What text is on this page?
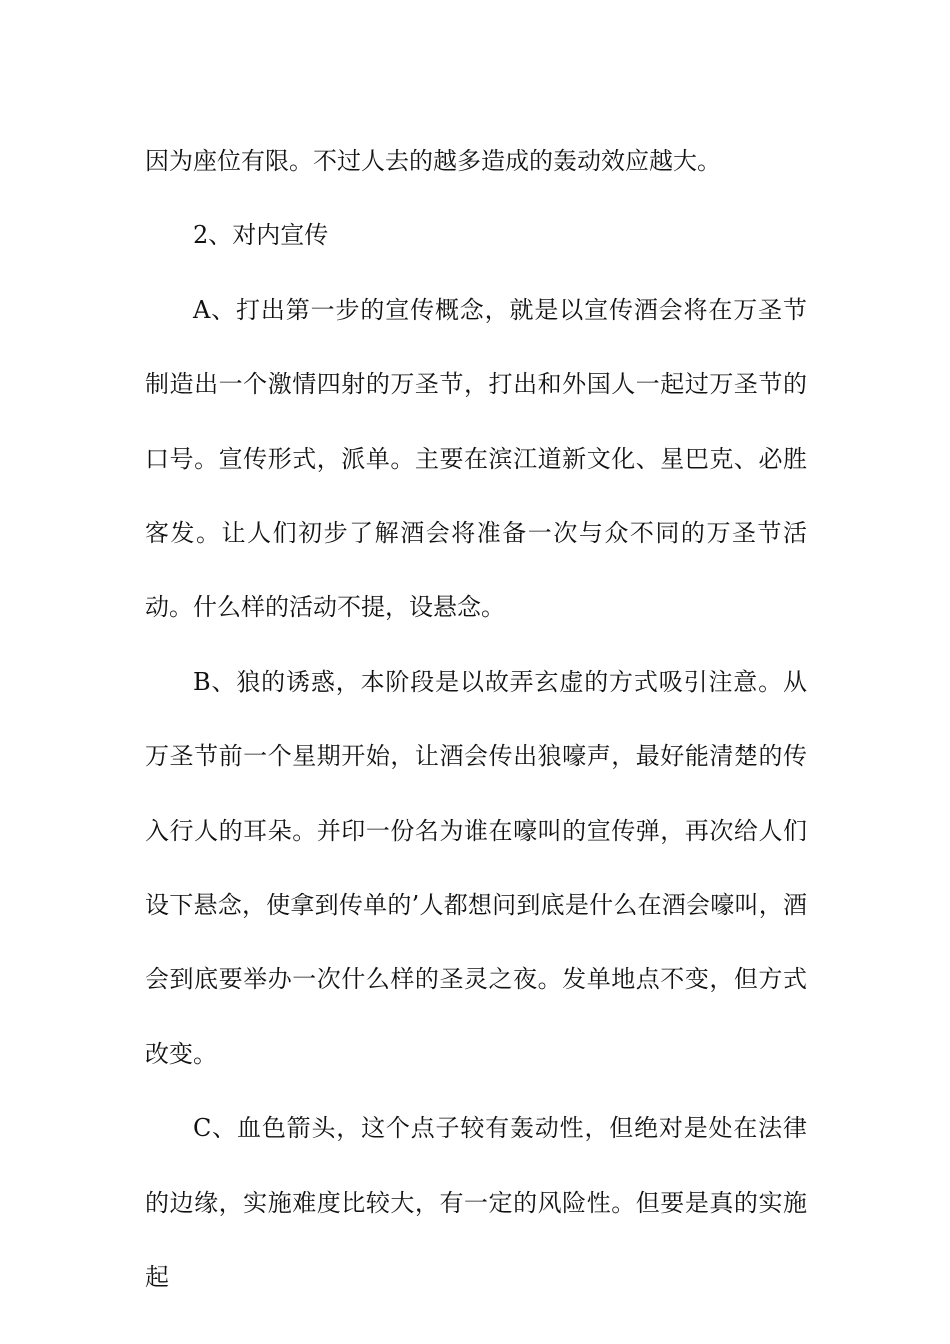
因为座位有限。不过人去的越多造成的轰动效应越大。

2、对内宣传

A、打出第一步的宣传概念，就是以宣传酒会将在万圣节制造出一个激情四射的万圣节，打出和外国人一起过万圣节的口号。宣传形式，派单。主要在滨江道新文化、星巴克、必胜客发。让人们初步了解酒会将准备一次与众不同的万圣节活动。什么样的活动不提，设悬念。

B、狼的诱惑，本阶段是以故弄玄虚的方式吸引注意。从万圣节前一个星期开始，让酒会传出狼嚎声，最好能清楚的传入行人的耳朵。并印一份名为谁在嚎叫的宣传弹，再次给人们设下悬念，使拿到传单的’人都想问到底是什么在酒会嚎叫，酒会到底要举办一次什么样的圣灵之夜。发单地点不变，但方式改变。

C、血色箭头，这个点子较有轰动性，但绝对是处在法律的边缘，实施难度比较大，有一定的风险性。但要是真的实施起
